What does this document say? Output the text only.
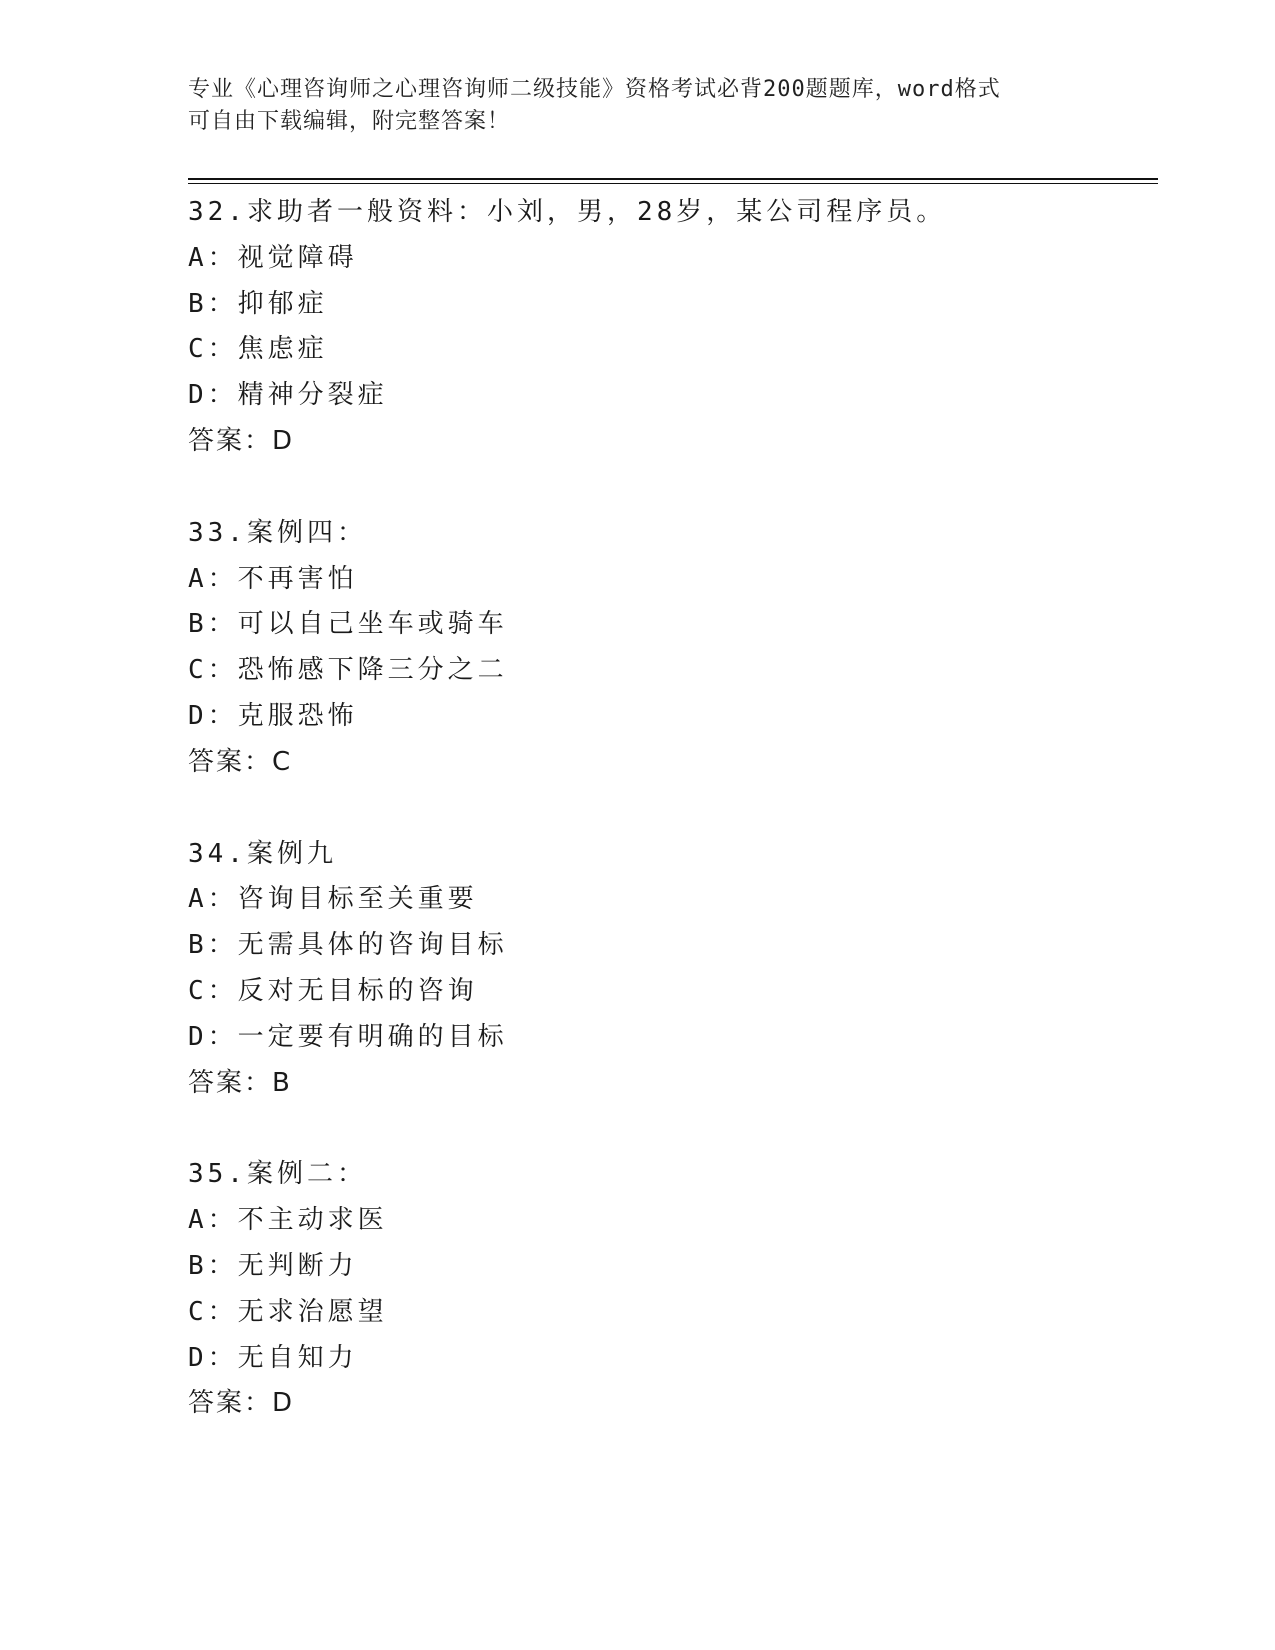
专业《心理咨询师之心理咨询师二级技能》资格考试必背200题题库，word格式
可自由下载编辑，附完整答案！
32.求助者一般资料：小刘，男，28岁，某公司程序员。
A：视觉障碍
B：抑郁症
C：焦虑症
D：精神分裂症
答案：D
33.案例四：
A：不再害怕
B：可以自己坐车或骑车
C：恐怖感下降三分之二
D：克服恐怖
答案：C
34.案例九
A：咨询目标至关重要
B：无需具体的咨询目标
C：反对无目标的咨询
D：一定要有明确的目标
答案：B
35.案例二：
A：不主动求医
B：无判断力
C：无求治愿望
D：无自知力
答案：D
